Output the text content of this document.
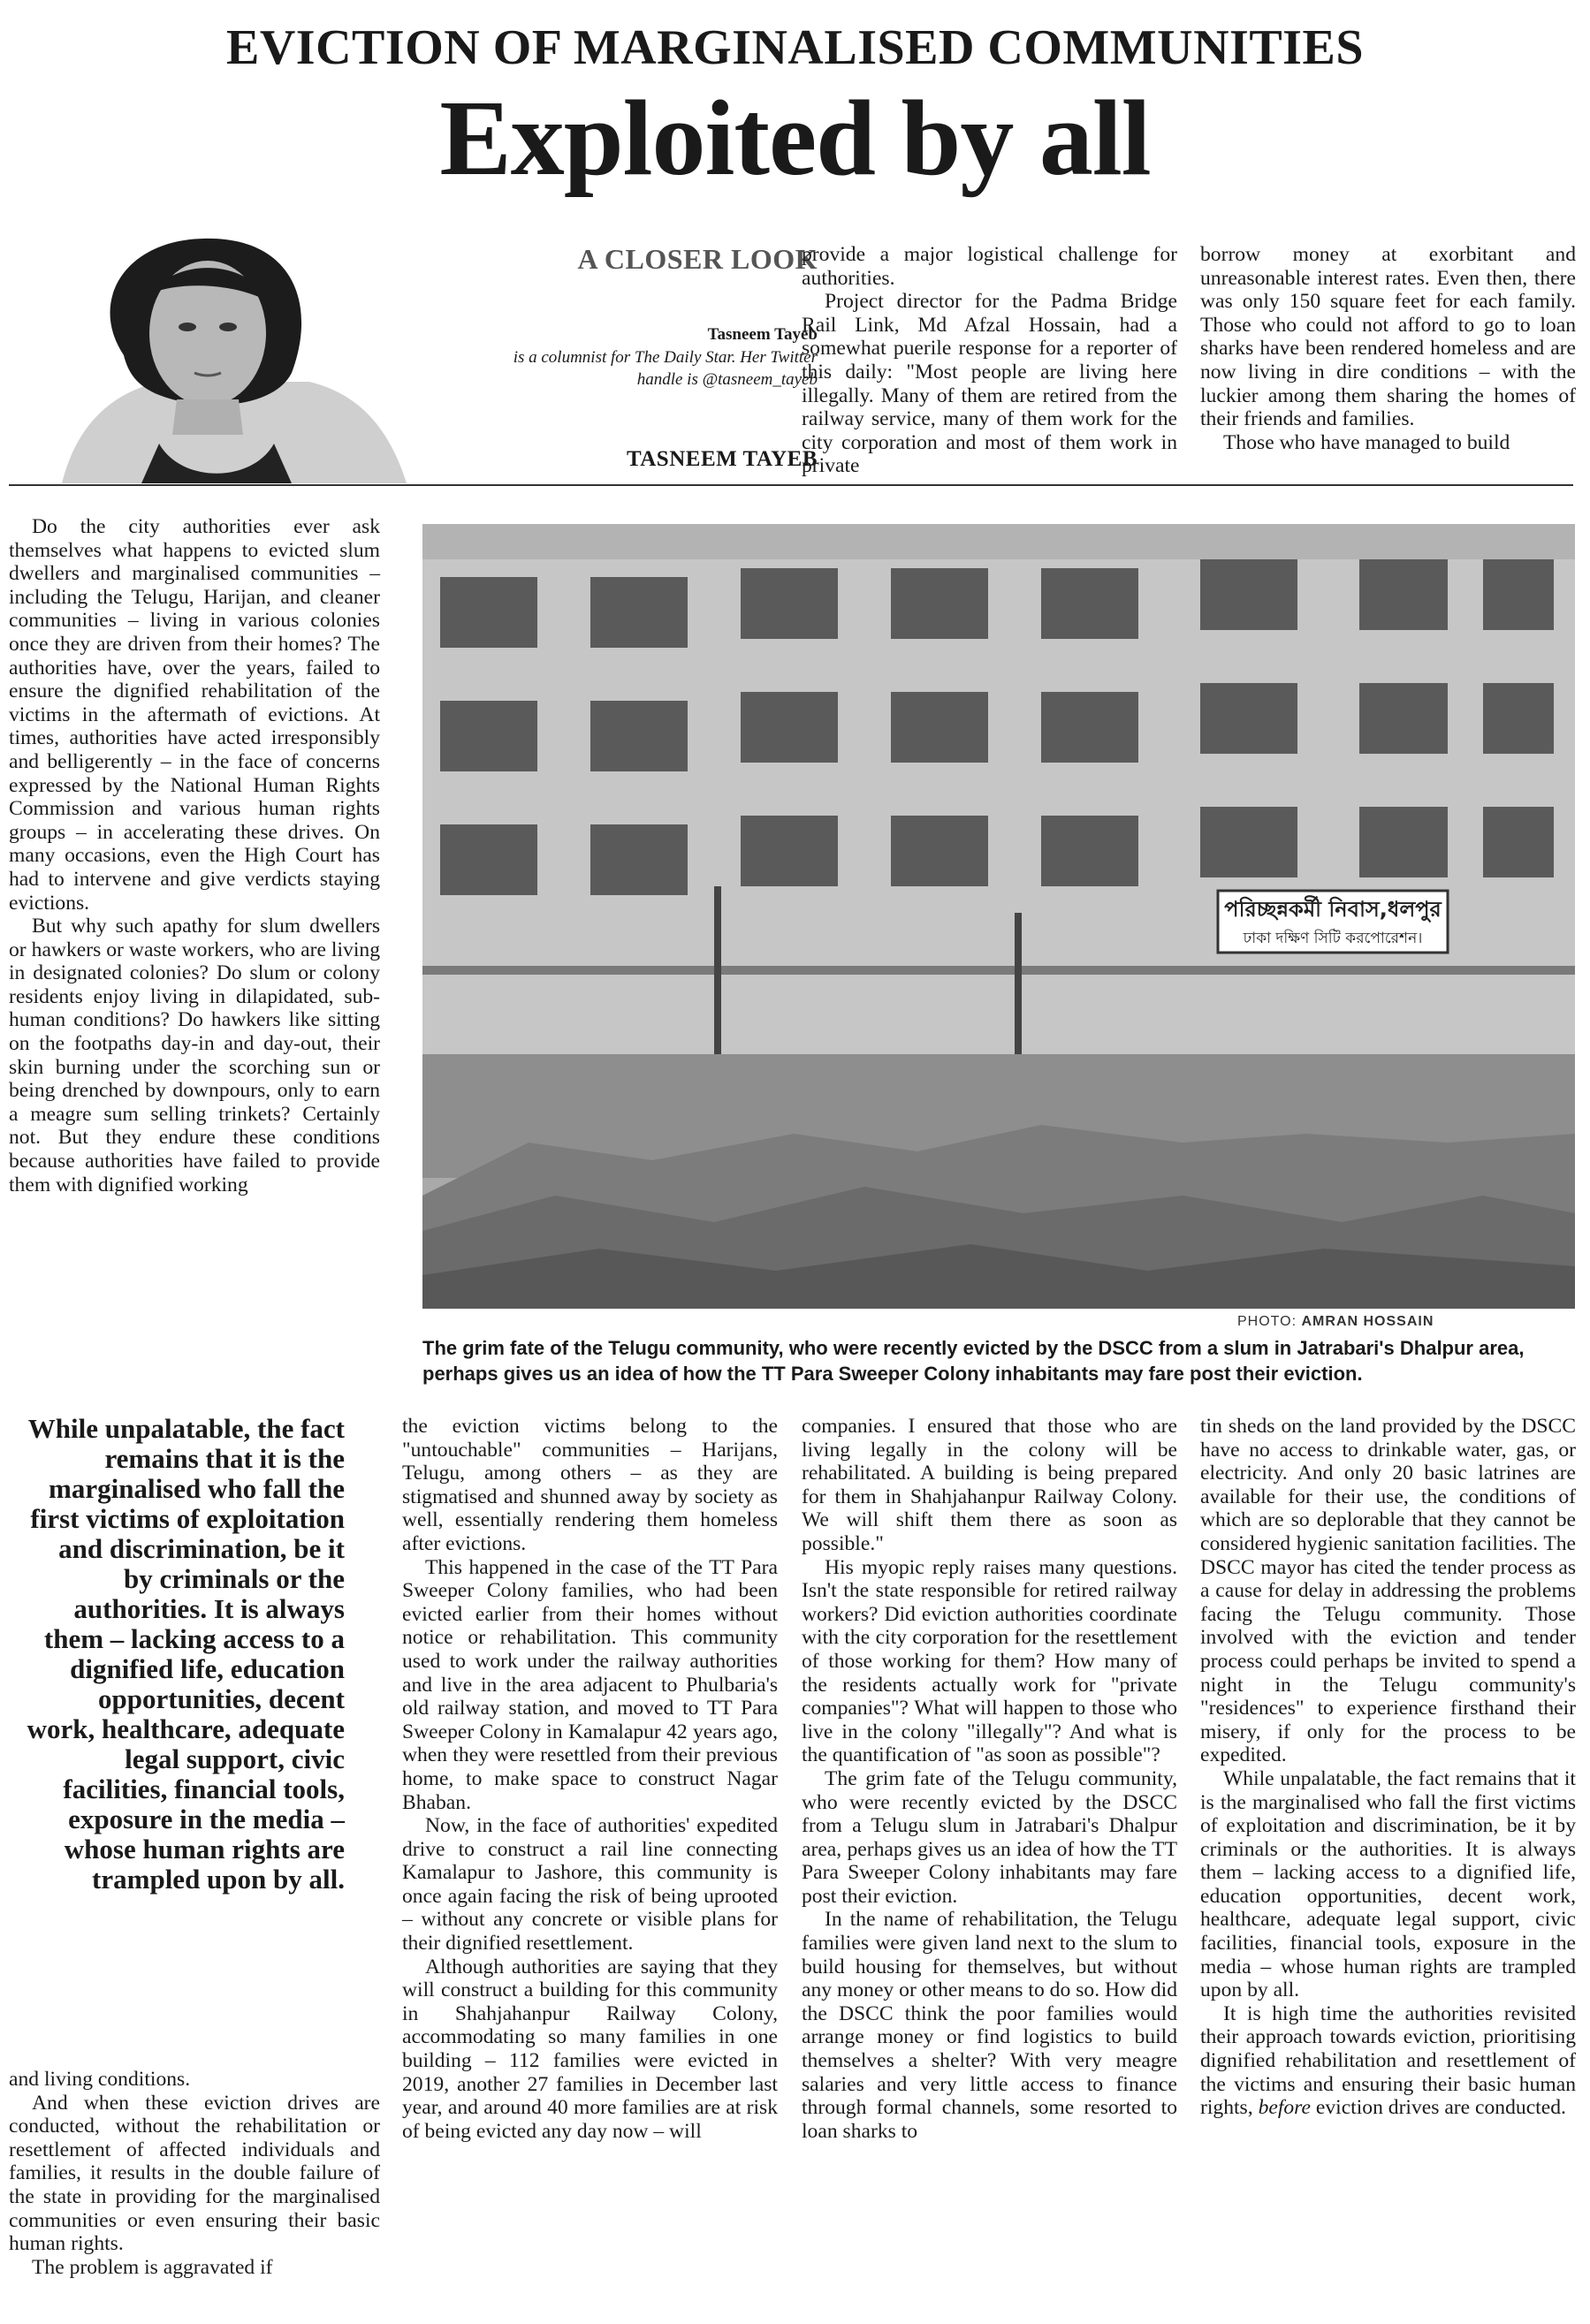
EVICTION OF MARGINALISED COMMUNITIES
Exploited by all
A CLOSER LOOK
Tasneem Tayeb
is a columnist for The Daily Star. Her Twitter handle is @tasneem_tayeb
TASNEEM TAYEB

provide a major logistical challenge for authorities.

Project director for the Padma Bridge Rail Link, Md Afzal Hossain, had a somewhat puerile response for a reporter of this daily: "Most people are living here illegally. Many of them are retired from the railway service, many of them work for the city corporation and most of them work in private

borrow money at exorbitant and unreasonable interest rates. Even then, there was only 150 square feet for each family. Those who could not afford to go to loan sharks have been rendered homeless and are now living in dire conditions – with the luckier among them sharing the homes of their friends and families.

Those who have managed to build

Do the city authorities ever ask themselves what happens to evicted slum dwellers and marginalised communities – including the Telugu, Harijan, and cleaner communities – living in various colonies once they are driven from their homes? The authorities have, over the years, failed to ensure the dignified rehabilitation of the victims in the aftermath of evictions. At times, authorities have acted irresponsibly and belligerently – in the face of concerns expressed by the National Human Rights Commission and various human rights groups – in accelerating these drives. On many occasions, even the High Court has had to intervene and give verdicts staying evictions.

But why such apathy for slum dwellers or hawkers or waste workers, who are living in designated colonies? Do slum or colony residents enjoy living in dilapidated, sub-human conditions? Do hawkers like sitting on the footpaths day-in and day-out, their skin burning under the scorching sun or being drenched by downpours, only to earn a meagre sum selling trinkets? Certainly not. But they endure these conditions because authorities have failed to provide them with dignified working

পরিচ্ছন্নকর্মী নিবাস,ধলপুর
ঢাকা দক্ষিণ সিটি করপোরেশন।
PHOTO: AMRAN HOSSAIN
The grim fate of the Telugu community, who were recently evicted by the DSCC from a slum in Jatrabari's Dhalpur area, perhaps gives us an idea of how the TT Para Sweeper Colony inhabitants may fare post their eviction.
While unpalatable, the fact remains that it is the marginalised who fall the first victims of exploitation and discrimination, be it by criminals or the authorities. It is always them – lacking access to a dignified life, education opportunities, decent work, healthcare, adequate legal support, civic facilities, financial tools, exposure in the media – whose human rights are trampled upon by all.

and living conditions.

And when these eviction drives are conducted, without the rehabilitation or resettlement of affected individuals and families, it results in the double failure of the state in providing for the marginalised communities or even ensuring their basic human rights.

The problem is aggravated if

the eviction victims belong to the "untouchable" communities – Harijans, Telugu, among others – as they are stigmatised and shunned away by society as well, essentially rendering them homeless after evictions.

This happened in the case of the TT Para Sweeper Colony families, who had been evicted earlier from their homes without notice or rehabilitation. This community used to work under the railway authorities and live in the area adjacent to Phulbaria's old railway station, and moved to TT Para Sweeper Colony in Kamalapur 42 years ago, when they were resettled from their previous home, to make space to construct Nagar Bhaban.

Now, in the face of authorities' expedited drive to construct a rail line connecting Kamalapur to Jashore, this community is once again facing the risk of being uprooted – without any concrete or visible plans for their dignified resettlement.

Although authorities are saying that they will construct a building for this community in Shahjahanpur Railway Colony, accommodating so many families in one building – 112 families were evicted in 2019, another 27 families in December last year, and around 40 more families are at risk of being evicted any day now – will

companies. I ensured that those who are living legally in the colony will be rehabilitated. A building is being prepared for them in Shahjahanpur Railway Colony. We will shift them there as soon as possible."

His myopic reply raises many questions. Isn't the state responsible for retired railway workers? Did eviction authorities coordinate with the city corporation for the resettlement of those working for them? How many of the residents actually work for "private companies"? What will happen to those who live in the colony "illegally"? And what is the quantification of "as soon as possible"?

The grim fate of the Telugu community, who were recently evicted by the DSCC from a Telugu slum in Jatrabari's Dhalpur area, perhaps gives us an idea of how the TT Para Sweeper Colony inhabitants may fare post their eviction.

In the name of rehabilitation, the Telugu families were given land next to the slum to build housing for themselves, but without any money or other means to do so. How did the DSCC think the poor families would arrange money or find logistics to build themselves a shelter? With very meagre salaries and very little access to finance through formal channels, some resorted to loan sharks to

tin sheds on the land provided by the DSCC have no access to drinkable water, gas, or electricity. And only 20 basic latrines are available for their use, the conditions of which are so deplorable that they cannot be considered hygienic sanitation facilities. The DSCC mayor has cited the tender process as a cause for delay in addressing the problems facing the Telugu community. Those involved with the eviction and tender process could perhaps be invited to spend a night in the Telugu community's "residences" to experience firsthand their misery, if only for the process to be expedited.

While unpalatable, the fact remains that it is the marginalised who fall the first victims of exploitation and discrimination, be it by criminals or the authorities. It is always them – lacking access to a dignified life, education opportunities, decent work, healthcare, adequate legal support, civic facilities, financial tools, exposure in the media – whose human rights are trampled upon by all.

It is high time the authorities revisited their approach towards eviction, prioritising dignified rehabilitation and resettlement of the victims and ensuring their basic human rights, before eviction drives are conducted.
